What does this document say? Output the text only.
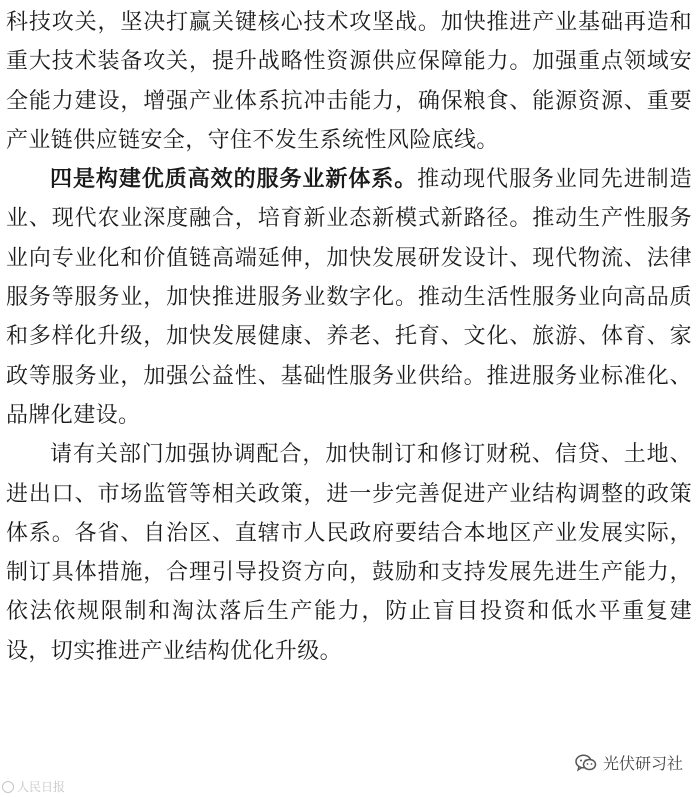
科技攻关，坚决打赢关键核心技术攻坚战。加快推进产业基础再造和重大技术装备攻关，提升战略性资源供应保障能力。加强重点领域安全能力建设，增强产业体系抗冲击能力，确保粮食、能源资源、重要产业链供应链安全，守住不发生系统性风险底线。

四是构建优质高效的服务业新体系。推动现代服务业同先进制造业、现代农业深度融合，培育新业态新模式新路径。推动生产性服务业向专业化和价值链高端延伸，加快发展研发设计、现代物流、法律服务等服务业，加快推进服务业数字化。推动生活性服务业向高品质和多样化升级，加快发展健康、养老、托育、文化、旅游、体育、家政等服务业，加强公益性、基础性服务业供给。推进服务业标准化、品牌化建设。

请有关部门加强协调配合，加快制订和修订财税、信贷、土地、进出口、市场监管等相关政策，进一步完善促进产业结构调整的政策体系。各省、自治区、直辖市人民政府要结合本地区产业发展实际，制订具体措施，合理引导投资方向，鼓励和支持发展先进生产能力，依法依规限制和淘汰落后生产能力，防止盲目投资和低水平重复建设，切实推进产业结构优化升级。

人民日报
光伏研习社
